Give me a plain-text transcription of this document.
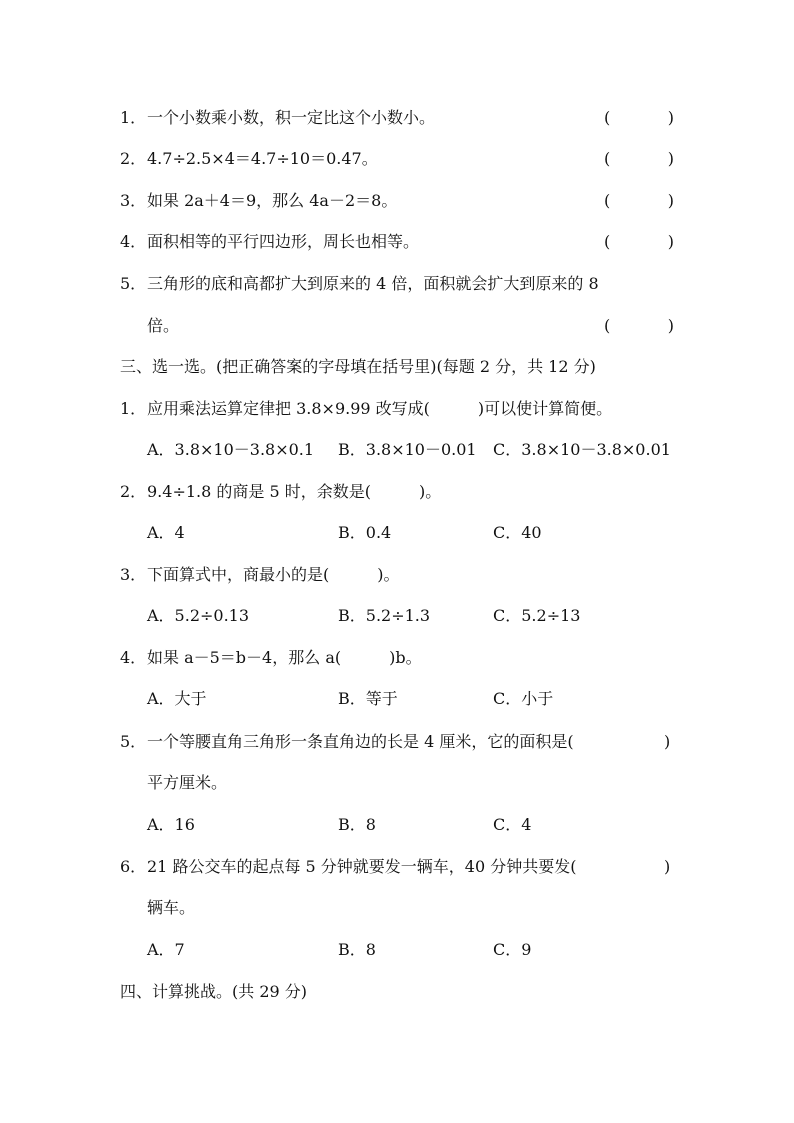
1． 一个小数乘小数，积一定比这个小数小。	(	)
2． 4.7÷2.5×4＝4.7÷10＝0.47。	(	)
3． 如果 2a＋4＝9，那么 4a－2＝8。	(	)
4． 面积相等的平行四边形，周长也相等。	(	)
5． 三角形的底和高都扩大到原来的 4 倍，面积就会扩大到原来的 8
倍。	(	)
三、选一选。(把正确答案的字母填在括号里)(每题 2 分，共 12 分)
1． 应用乘法运算定律把 3.8×9.99 改写成(　　　)可以使计算简便。
A．3.8×10－3.8×0.1 B．3.8×10－0.01 C．3.8×10－3.8×0.01
2． 9.4÷1.8 的商是 5 时，余数是(　　　)。
A．4	B．0.4	C．40
3． 下面算式中，商最小的是(　　　)。
A．5.2÷0.13	B．5.2÷1.3	C．5.2÷13
4． 如果 a－5＝b－4，那么 a(　　　)b。
A．大于	B．等于	C．小于
5． 一个等腰直角三角形一条直角边的长是 4 厘米，它的面积是(	)
平方厘米。
A．16	B．8	C．4
6． 21 路公交车的起点每 5 分钟就要发一辆车，40 分钟共要发(	)
辆车。
A．7	B．8	C．9
四、计算挑战。(共 29 分)
